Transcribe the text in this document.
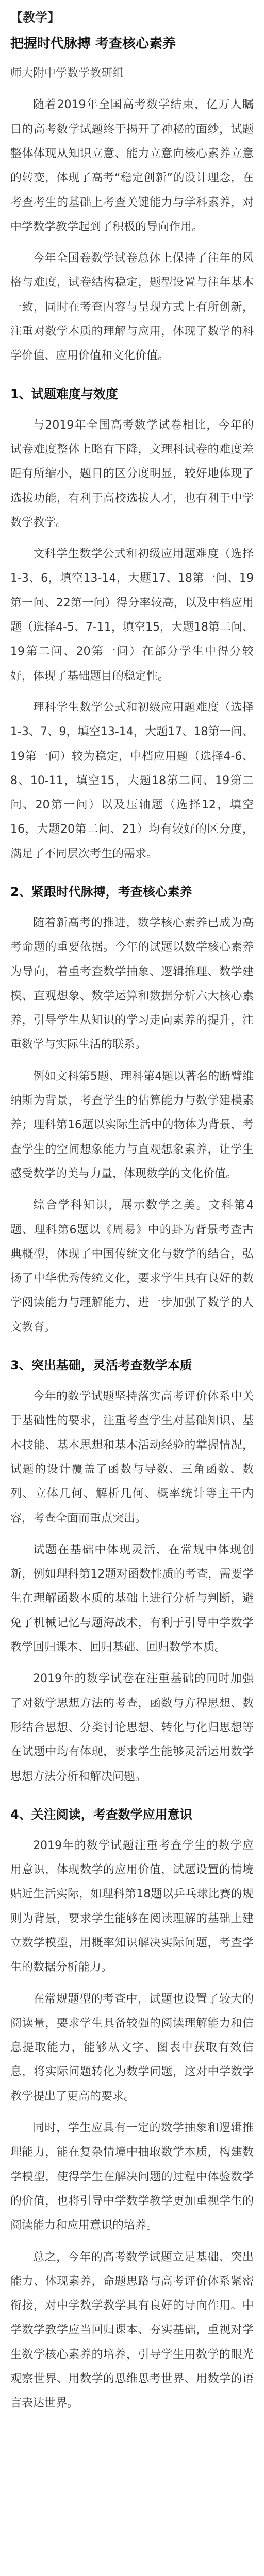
【教学】
把握时代脉搏 考查核心素养
师大附中学数学教研组

随着2019年全国高考数学结束，亿万人瞩目的高考数学试题终于揭开了神秘的面纱，试题整体体现从知识立意、能力立意向核心素养立意的转变，体现了高考“稳定创新”的设计理念，在考查考生的基础上考查关键能力与学科素养，对中学数学教学起到了积极的导向作用。

今年全国卷数学试卷总体上保持了往年的风格与难度，试卷结构稳定，题型设置与往年基本一致，同时在考查内容与呈现方式上有所创新，注重对数学本质的理解与应用，体现了数学的科学价值、应用价值和文化价值。

1、试题难度与效度

与2019年全国高考数学试卷相比，今年的试卷难度整体上略有下降，文理科试卷的难度差距有所缩小，题目的区分度明显，较好地体现了选拔功能，有利于高校选拔人才，也有利于中学数学教学。

文科学生数学公式和初级应用题难度（选择1-3、6，填空13-14，大题17、18第一问、19第一问、22第一问）得分率较高，以及中档应用题（选择4-5、7-11，填空15，大题18第二问、19第二问、20第一问）在部分学生中得分较好，体现了基础题目的稳定性。

理科学生数学公式和初级应用题难度（选择1-3、7、9，填空13-14，大题17、18第一问、19第一问）较为稳定，中档应用题（选择4-6、8、10-11，填空15，大题18第二问、19第二问、20第一问）以及压轴题（选择12，填空16，大题20第二问、21）均有较好的区分度，满足了不同层次考生的需求。

2、紧跟时代脉搏，考查核心素养

随着新高考的推进，数学核心素养已成为高考命题的重要依据。今年的试题以数学核心素养为导向，着重考查数学抽象、逻辑推理、数学建模、直观想象、数学运算和数据分析六大核心素养，引导学生从知识的学习走向素养的提升，注重数学与实际生活的联系。

例如文科第5题、理科第4题以著名的断臂维纳斯为背景，考查学生的估算能力与数学建模素养；理科第16题以实际生活中的物体为背景，考查学生的空间想象能力与直观想象素养，让学生感受数学的美与力量，体现数学的文化价值。

综合学科知识，展示数学之美。文科第4题、理科第6题以《周易》中的卦为背景考查古典概型，体现了中国传统文化与数学的结合，弘扬了中华优秀传统文化，要求学生具有良好的数学阅读能力与理解能力，进一步加强了数学的人文教育。

3、突出基础，灵活考查数学本质

今年的数学试题坚持落实高考评价体系中关于基础性的要求，注重考查学生对基础知识、基本技能、基本思想和基本活动经验的掌握情况，试题的设计覆盖了函数与导数、三角函数、数列、立体几何、解析几何、概率统计等主干内容，考查全面而重点突出。

试题在基础中体现灵活，在常规中体现创新，例如理科第12题对函数性质的考查，需要学生在理解函数本质的基础上进行分析与判断，避免了机械记忆与题海战术，有利于引导中学数学教学回归课本、回归基础、回归数学本质。

2019年的数学试卷在注重基础的同时加强了对数学思想方法的考查，函数与方程思想、数形结合思想、分类讨论思想、转化与化归思想等在试题中均有体现，要求学生能够灵活运用数学思想方法分析和解决问题。

4、关注阅读，考查数学应用意识

2019年的数学试题注重考查学生的数学应用意识，体现数学的应用价值，试题设置的情境贴近生活实际，如理科第18题以乒乓球比赛的规则为背景，要求学生能够在阅读理解的基础上建立数学模型，用概率知识解决实际问题，考查学生的数据分析能力。

在常规题型的考查中，试题也设置了较大的阅读量，要求学生具备较强的阅读理解能力和信息提取能力，能够从文字、图表中获取有效信息，将实际问题转化为数学问题，这对中学数学教学提出了更高的要求。

同时，学生应具有一定的数学抽象和逻辑推理能力，能在复杂情境中抽取数学本质，构建数学模型，使得学生在解决问题的过程中体验数学的价值，也将引导中学数学教学更加重视学生的阅读能力和应用意识的培养。

总之，今年的高考数学试题立足基础、突出能力、体现素养，命题思路与高考评价体系紧密衔接，对中学数学教学具有良好的导向作用。中学数学教学应当回归课本、夯实基础，重视对学生数学核心素养的培养，引导学生用数学的眼光观察世界、用数学的思维思考世界、用数学的语言表达世界。
